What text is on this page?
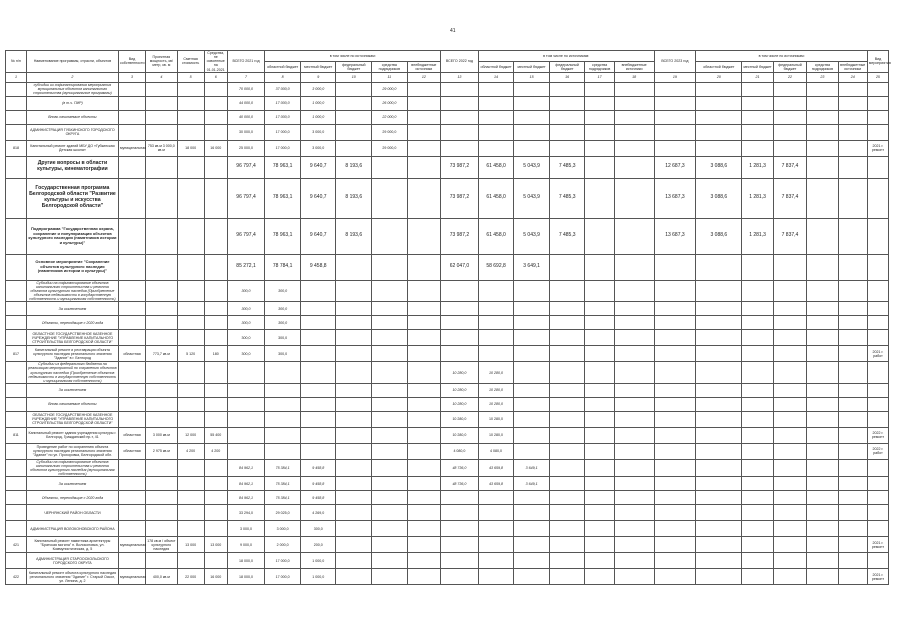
41
№ п/п	Наименование программы, отрасли, объектов	Вид собственности	Проектная мощность, кв/метр, кв. м	Сметная стоимость	Средства, не освоенные на 01.01.2021	ВСЕГО 2021 год	в том числе по источникам:					ВСЕГО 2022 год	в том числе по источникам:					ВСЕГО 2023 год	в том числе по источникам:					Вид мероприятия
							областной бюджет	местный бюджет	федеральный бюджет	средства подрядчиков	внебюджетные источники		областной бюджет	местный бюджет	федеральный бюджет	средства подрядчиков	внебюджетные источники		областной бюджет	местный бюджет	федеральный бюджет	средства подрядчиков	внебюджетные источники	
1	2	3	4	5	6	7	8	9	10	11	12	13	14	15	16	17	18	19	20	21	22	23	24	25
	субсидии из софинансирования мероприятия муниципальных объектов капитального строительства (муниципальные программы)					70 000,0	37 000,0	3 000,0		29 000,0														
	(в т.ч. ПИР)					44 000,0	17 000,0	1 000,0		26 000,0														
	Вновь начинаемые объекты					40 000,0	17 000,0	1 000,0		22 000,0														
	АДМИНИСТРАЦИЯ ГУБКИНСКОГО ГОРОДСКОГО ОКРУГА					30 000,0	17 000,0	3 000,0		29 000,0														
818	Капитальный ремонт зданий МБУ ДО «Губкинская Детская школа»	муниципальная	753 кв.м 3 000,0 кв.м	18 000	16 000	25 000,0	17 000,0	3 000,0		29 000,0														2021 г. ремонт
	Другие вопросы в области культуры, кинематографии					96 797,4	78 963,1	9 640,7	8 193,6			73 987,2	61 458,0	5 043,9	7 485,3			12 687,3	3 088,6	1 281,3	7 837,4			
	Государственная программа Белгородской области "Развитие культуры и искусства Белгородской области"					96 797,4	78 963,1	9 640,7	8 193,6			73 987,2	61 458,0	5 043,9	7 485,3			13 687,3	3 088,6	1 281,3	7 837,4			
	Подпрограмма "Государственная охрана, сохранение и популяризация объектов культурного наследия (памятников истории и культуры)"					96 797,4	78 963,1	9 640,7	8 193,6			73 987,2	61 458,0	5 043,9	7 485,3			13 687,3	3 088,6	1 281,3	7 837,4			
	Основное мероприятие "Сохранение объектов культурного наследия (памятников истории и культуры)"					85 272,1	78 784,1	9 458,8				62 047,0	58 692,8	3 649,1										
	Субсидии на софинансирование объектов капитального строительства и ремонта объектов культурного наследия (Приобретение объектов недвижимости в государственную собственность и муниципальная собственность)					300,0	300,0																	
	За исключением					300,0	300,0																	
	Объекты, переходящие с 2020 года					300,0	300,0																	
	ОБЛАСТНОЕ ГОСУДАРСТВЕННОЕ КАЗЕННОЕ УЧРЕЖДЕНИЕ "УПРАВЛЕНИЕ КАПИТАЛЬНОГО СТРОИТЕЛЬСТВА БЕЛГОРОДСКОЙ ОБЛАСТИ"					300,0	300,0																	
817	Капитальный ремонт и реставрация объекта культурного наследия регионального значения "Здание" в г. Белгород	областная	773,7 кв.м	5 120	180	300,0	300,0																	2021 г. работ
	Субсидии из федерального бюджета на реализацию мероприятий по сохранению объектов культурного наследия (Приобретение объектов недвижимости в государственную собственность и муниципальная собственность)											10 280,0	10 280,0											
	За исключением											10 280,0	10 280,0											
	Вновь начинаемые объекты											10 280,0	10 280,0											
	ОБЛАСТНОЕ ГОСУДАРСТВЕННОЕ КАЗЕННОЕ УЧРЕЖДЕНИЕ "УПРАВЛЕНИЕ КАПИТАЛЬНОГО СТРОИТЕЛЬСТВА БЕЛГОРОДСКОЙ ОБЛАСТИ"											10 280,0	10 280,0											
811	Капитальный ремонт здания учреждения культуры г. Белгород, Гражданский пр-т, 41	областная	3 000 кв.м	12 000	55 400							10 280,0	10 280,0											2022 г. ремонт
	Проведение работ по сохранению объекта культурного наследия регионального значения "Здание" по ул. Прохоровка, Белгородской обл.	областная	2 975 кв.м	4 200	4 200							4 080,0	4 080,0											2022 г. работ
	Субсидии на софинансирование объектов капитального строительства и ремонта объектов культурного наследия (муниципальная собственность)					84 962,1	75 384,1	9 458,8				48 736,0	43 659,8	3 649,1										
	За исключением					84 962,1	75 384,1	9 458,8				48 736,0	43 659,8	3 649,1										
	Объекты, переходящие с 2020 года					84 962,1	75 384,1	9 458,8																
	ЧЕРНЯНСКИЙ РАЙОН ОБЛАСТИ					33 294,0	29 025,0	4 269,0																
	АДМИНИСТРАЦИЯ ВОЛОКОНОВСКОГО РАЙОНА					3 000,0	3 000,0	300,0																
421	Капитальный ремонт памятника архитектуры "Братская могила" п. Волоконовка, ул. Коммунистическая, д. 5	муниципальная	178 кв.м / объект культурного наследия	13 000	13 000	9 000,0	2 000,0	200,0																2021 г. ремонт
	АДМИНИСТРАЦИЯ СТАРООСКОЛЬСКОГО ГОРОДСКОГО ОКРУГА					18 000,0	17 000,0	1 000,0																
422	Капитальный ремонт объекта культурного наследия регионального значения "Здание" г. Старый Оскол, ул. Ленина, д. 2	муниципальная	400,0 кв.м	22 000	16 000	18 000,0	17 000,0	1 000,0																2021 г. ремонт
